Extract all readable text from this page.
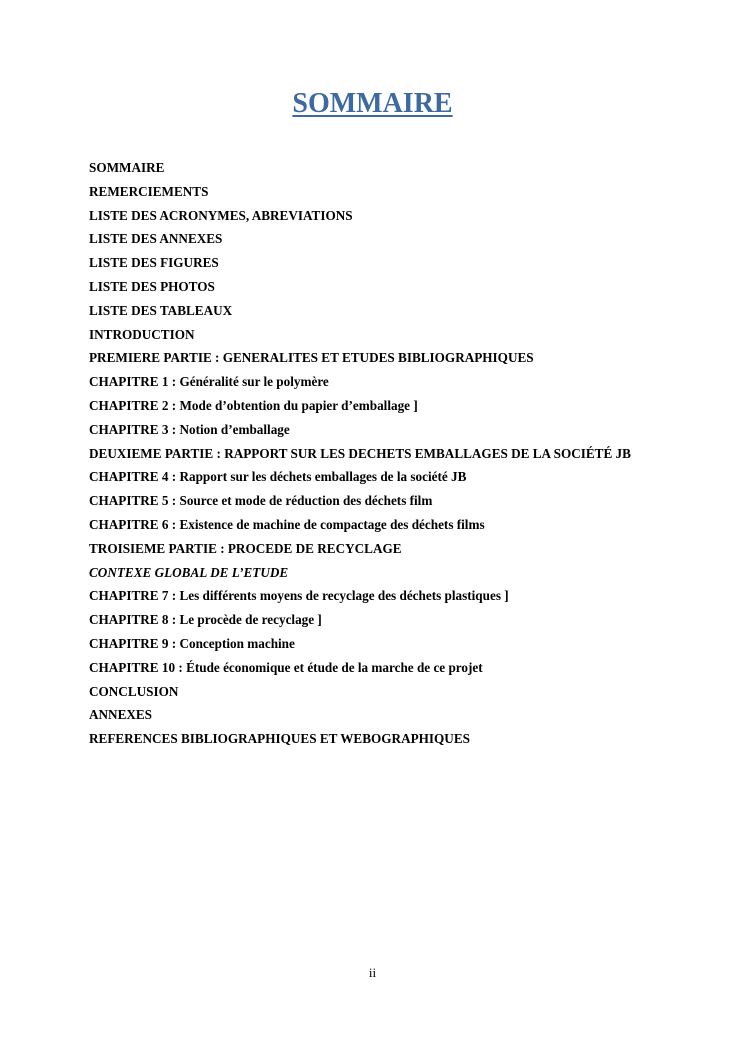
SOMMAIRE
SOMMAIRE
REMERCIEMENTS
LISTE DES ACRONYMES, ABREVIATIONS
LISTE DES ANNEXES
LISTE DES FIGURES
LISTE DES PHOTOS
LISTE DES TABLEAUX
INTRODUCTION
PREMIERE PARTIE : GENERALITES ET ETUDES BIBLIOGRAPHIQUES
CHAPITRE 1 : Généralité sur le polymère
CHAPITRE 2 : Mode d’obtention du papier d’emballage ]
CHAPITRE 3 : Notion d’emballage
DEUXIEME PARTIE : RAPPORT SUR LES DECHETS EMBALLAGES DE LA SOCIÉTÉ JB
CHAPITRE 4 : Rapport sur les déchets emballages de la société JB
CHAPITRE 5 : Source et mode de réduction des déchets film
CHAPITRE 6 : Existence de machine de compactage des déchets films
TROISIEME PARTIE : PROCEDE DE RECYCLAGE
CONTEXE GLOBAL DE L’ETUDE
CHAPITRE 7 : Les différents moyens de recyclage des déchets plastiques ]
CHAPITRE 8 : Le procède de recyclage ]
CHAPITRE 9 : Conception machine
CHAPITRE 10 : Étude économique et étude de la marche de ce projet
CONCLUSION
ANNEXES
REFERENCES BIBLIOGRAPHIQUES ET WEBOGRAPHIQUES
ii
